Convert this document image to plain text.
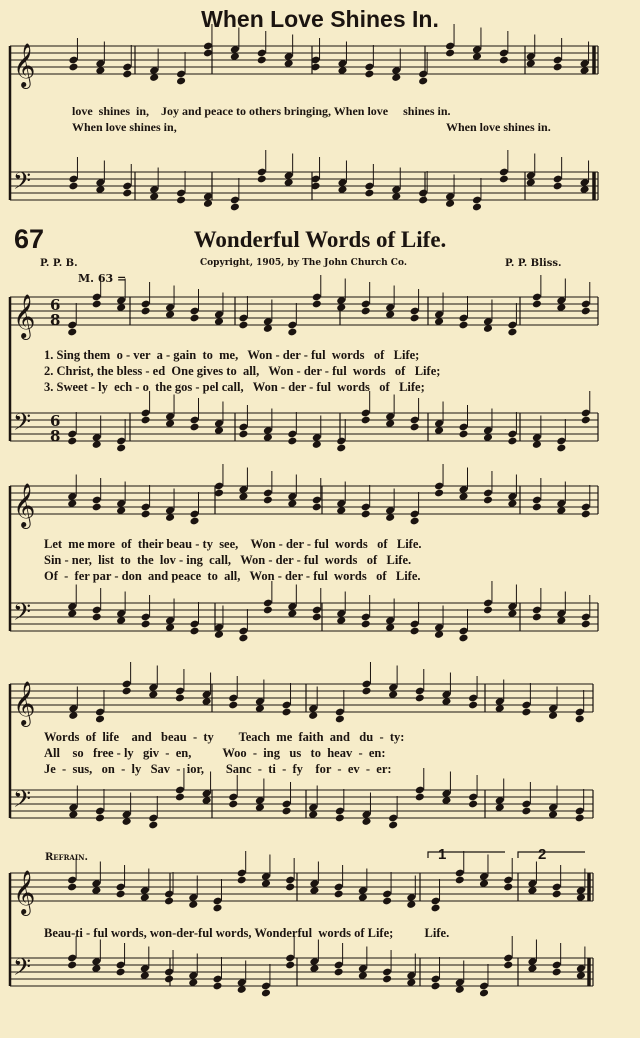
When Love Shines In.
67	Wonderful Words of Life.
P. P. B.	Copyright, 1905, by The John Church Co.	P. P. Bliss.
M. 63 =
Refrain.	1	2
𝄞
𝄢
𝄞
𝄢
𝄞
𝄢
𝄞
𝄢
𝄞
𝄢
6
8
6
8
love  shines  in,    Joy and peace to others bringing, When love     shines in.
When love shines in,	When love shines in.
1. Sing them  o - ver  a - gain  to  me,   Won - der - ful  words   of   Life;
2. Christ, the bless - ed  One gives to  all,   Won - der - ful  words   of   Life;
3. Sweet - ly  ech - o  the gos - pel call,   Won - der - ful  words   of   Life;
Let  me more  of  their beau - ty  see,    Won - der - ful  words   of   Life.
Sin - ner,  list  to  the  lov - ing  call,   Won - der - ful  words   of   Life.
Of  -  fer par - don  and peace  to  all,   Won - der - ful  words   of   Life.
Words  of  life    and   beau  -  ty        Teach  me  faith  and   du  -  ty:
All    so   free - ly   giv  -  en,          Woo  -  ing   us   to  heav  -  en:
Je  -  sus,   on  -  ly   Sav  -  ior,       Sanc  -  ti  -  fy    for  -  ev  -  er:
Beau-ti - ful words, won-der-ful words, Wonderful  words of Life;          Life.
